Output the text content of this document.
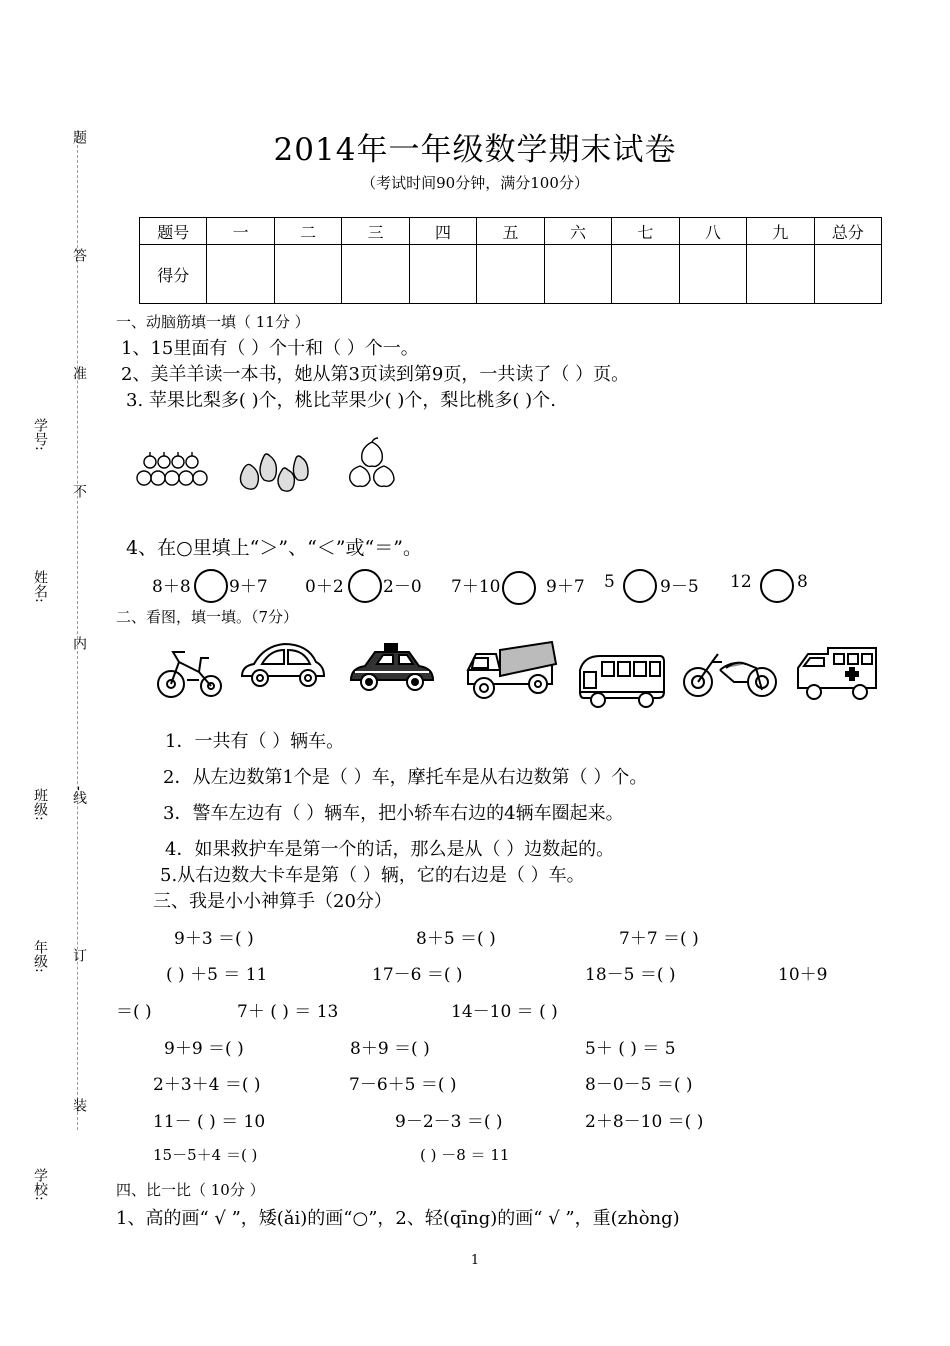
题
答
准
不
内
-线
订
装
学号:
姓名:
班级:
年级:
学校:
2014年一年级数学期末试卷
（考试时间90分钟，满分100分）
题号	一	二	三	四	五	六	七	八	九	总分
得分										
一、动脑筋填一填（ 11分 ）
1、15里面有（ ）个十和（ ）个一。
2、美羊羊读一本书，她从第3页读到第9页，一共读了（ ）页。
3. 苹果比梨多( )个，桃比苹果少( )个，梨比桃多( )个.
4、在○里填上“＞”、“＜”或“＝”。
8＋8 9＋7 0＋2 2－0 7＋10	9＋7 5	9－5 12	8
二、看图，填一填。（7分）
1．一共有（ ）辆车。
2．从左边数第1个是（ ）车，摩托车是从右边数第（ ）个。
3．警车左边有（ ）辆车，把小轿车右边的4辆车圈起来。
4．如果救护车是第一个的话，那么是从（ ）边数起的。
5.从右边数大卡车是第（ ）辆，它的右边是（ ）车。
三、我是小小神算手（20分）
9＋3 ＝( )	8＋5 ＝( )	7＋7 ＝( )
( ) ＋5 ＝ 11	17－6 ＝( )	18－5 ＝( )	10＋9
＝( )	7＋ ( ) ＝ 13	14－10 ＝ ( )
9＋9 ＝( )	8＋9 ＝( )	5＋ ( ) ＝ 5
2＋3＋4 ＝( )	7－6＋5 ＝( )	8－0－5 ＝( )
11－ ( ) ＝ 10	9－2－3 ＝( )	2＋8－10 ＝( )
15－5＋4 ＝( )	( ) －8 ＝ 11
四、比一比（ 10分 ）
1、高的画“ √ ”，矮(ǎi)的画“○”，2、轻(qīng)的画“ √ ”，重(zhòng)
1
